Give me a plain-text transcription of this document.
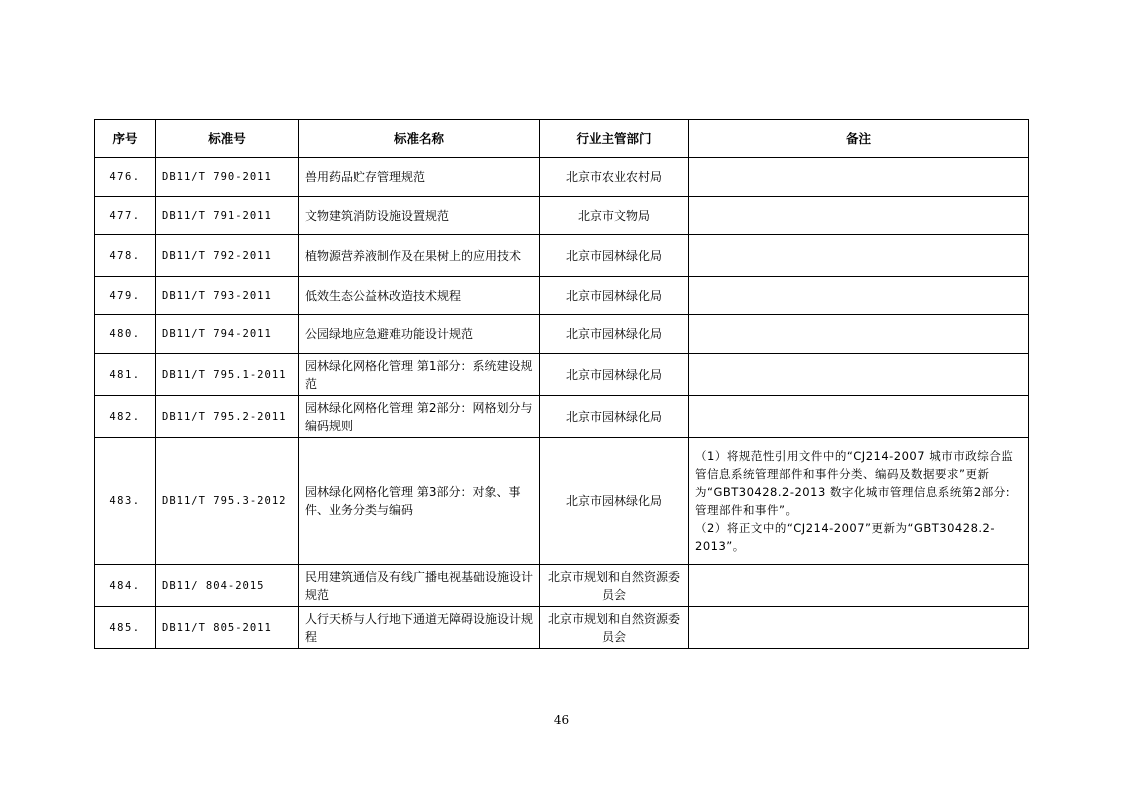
序号	标准号	标准名称	行业主管部门	备注
476.	DB11/T 790-2011	兽用药品贮存管理规范	北京市农业农村局	
477.	DB11/T 791-2011	文物建筑消防设施设置规范	北京市文物局	
478.	DB11/T 792-2011	植物源营养液制作及在果树上的应用技术	北京市园林绿化局	
479.	DB11/T 793-2011	低效生态公益林改造技术规程	北京市园林绿化局	
480.	DB11/T 794-2011	公园绿地应急避难功能设计规范	北京市园林绿化局	
481.	DB11/T 795.1-2011	园林绿化网格化管理 第1部分：系统建设规范	北京市园林绿化局	
482.	DB11/T 795.2-2011	园林绿化网格化管理 第2部分：网格划分与编码规则	北京市园林绿化局	
483.	DB11/T 795.3-2012	园林绿化网格化管理 第3部分：对象、事件、业务分类与编码	北京市园林绿化局	（1）将规范性引用文件中的“CJ214-2007 城市市政综合监管信息系统管理部件和事件分类、编码及数据要求”更新为“GBT30428.2-2013 数字化城市管理信息系统第2部分:管理部件和事件”。
（2）将正文中的“CJ214-2007”更新为“GBT30428.2-2013”。

484.	DB11/ 804-2015	民用建筑通信及有线广播电视基础设施设计规范	北京市规划和自然资源委员会	
485.	DB11/T 805-2011	人行天桥与人行地下通道无障碍设施设计规程	北京市规划和自然资源委员会	
46
